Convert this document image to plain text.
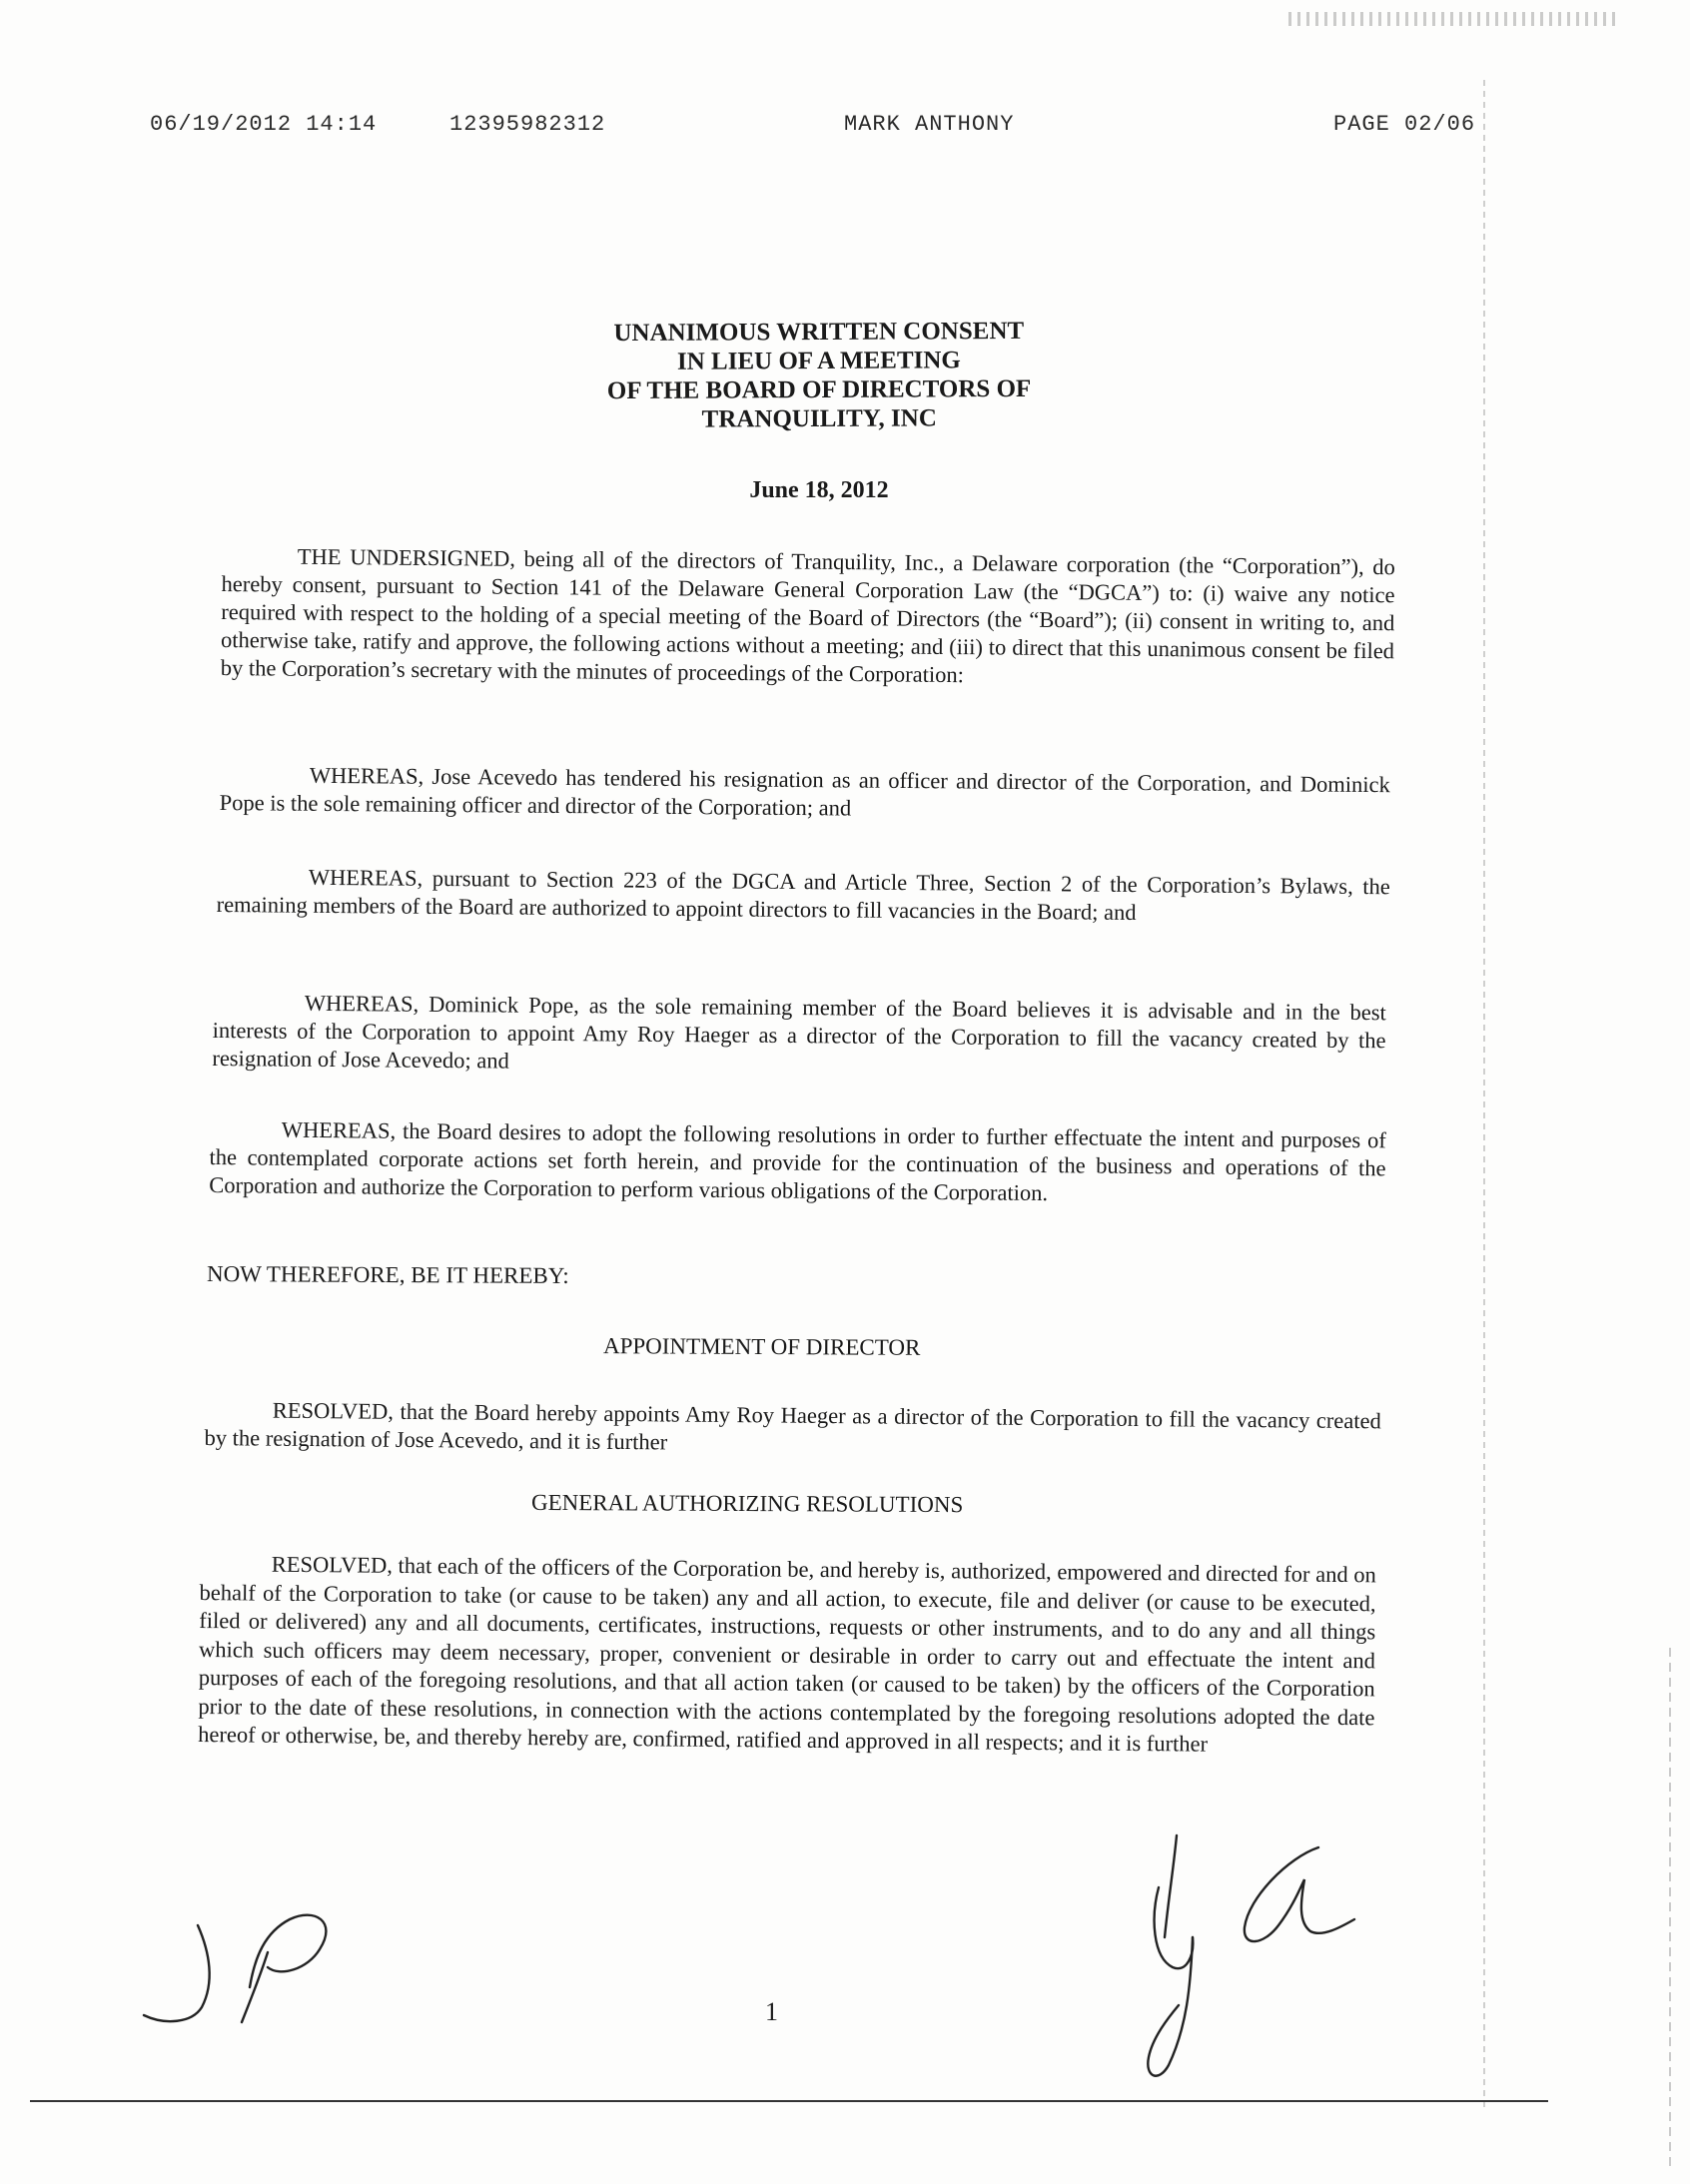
06/19/2012 14:14	12395982312	MARK ANTHONY	PAGE 02/06
UNANIMOUS WRITTEN CONSENT
IN LIEU OF A MEETING
OF THE BOARD OF DIRECTORS OF
TRANQUILITY, INC
June 18, 2012
THE UNDERSIGNED, being all of the directors of Tranquility, Inc., a Delaware corporation (the “Corporation”), do hereby consent, pursuant to Section 141 of the Delaware General Corporation Law (the “DGCA”) to: (i) waive any notice required with respect to the holding of a special meeting of the Board of Directors (the “Board”); (ii) consent in writing to, and otherwise take, ratify and approve, the following actions without a meeting; and (iii) to direct that this unanimous consent be filed by the Corporation’s secretary with the minutes of proceedings of the Corporation:
WHEREAS, Jose Acevedo has tendered his resignation as an officer and director of the Corporation, and Dominick Pope is the sole remaining officer and director of the Corporation; and
WHEREAS, pursuant to Section 223 of the DGCA and Article Three, Section 2 of the Corporation’s Bylaws, the remaining members of the Board are authorized to appoint directors to fill vacancies in the Board; and
WHEREAS, Dominick Pope, as the sole remaining member of the Board believes it is advisable and in the best interests of the Corporation to appoint Amy Roy Haeger as a director of the Corporation to fill the vacancy created by the resignation of Jose Acevedo; and
WHEREAS, the Board desires to adopt the following resolutions in order to further effectuate the intent and purposes of the contemplated corporate actions set forth herein, and provide for the continuation of the business and operations of the Corporation and authorize the Corporation to perform various obligations of the Corporation.
NOW THEREFORE, BE IT HEREBY:
APPOINTMENT OF DIRECTOR
RESOLVED, that the Board hereby appoints Amy Roy Haeger as a director of the Corporation to fill the vacancy created by the resignation of Jose Acevedo, and it is further
GENERAL AUTHORIZING RESOLUTIONS
RESOLVED, that each of the officers of the Corporation be, and hereby is, authorized, empowered and directed for and on behalf of the Corporation to take (or cause to be taken) any and all action, to execute, file and deliver (or cause to be executed, filed or delivered) any and all documents, certificates, instructions, requests or other instruments, and to do any and all things which such officers may deem necessary, proper, convenient or desirable in order to carry out and effectuate the intent and purposes of each of the foregoing resolutions, and that all action taken (or caused to be taken) by the officers of the Corporation prior to the date of these resolutions, in connection with the actions contemplated by the foregoing resolutions adopted the date hereof or otherwise, be, and thereby hereby are, confirmed, ratified and approved in all respects; and it is further
1
